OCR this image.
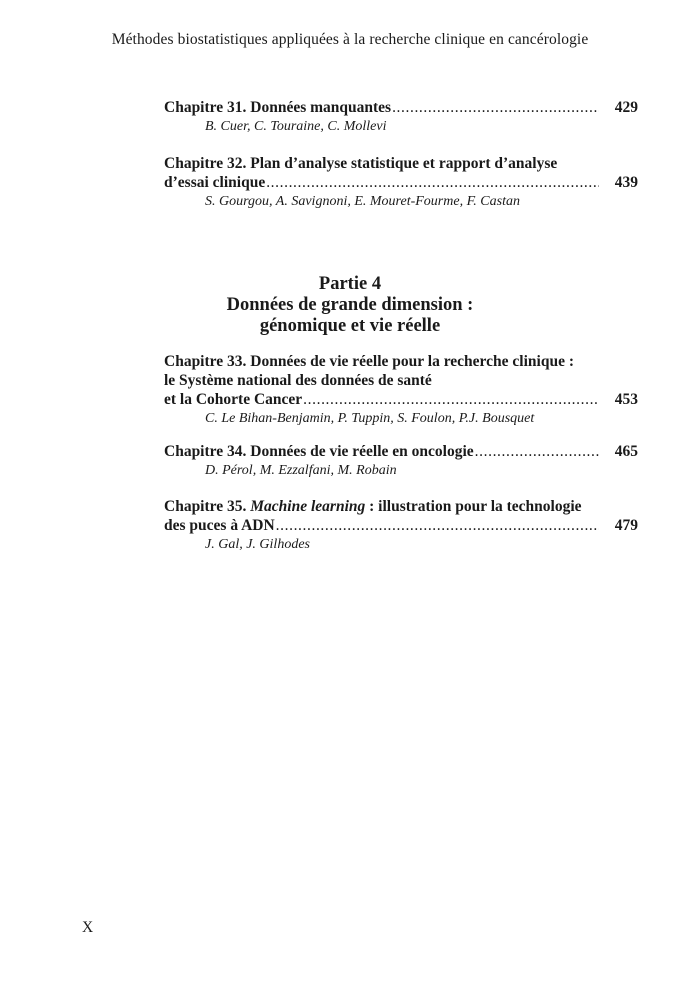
Méthodes biostatistiques appliquées à la recherche clinique en cancérologie
Chapitre 31. Données manquantes .....	429
B. Cuer, C. Touraine, C. Mollevi
Chapitre 32. Plan d’analyse statistique et rapport d’analyse
d’essai clinique .....	439
S. Gourgou, A. Savignoni, E. Mouret-Fourme, F. Castan
Chapitre 33. Données de vie réelle pour la recherche clinique :
le Système national des données de santé
et la Cohorte Cancer .....	453
C. Le Bihan-Benjamin, P. Tuppin, S. Foulon, P.J. Bousquet
Chapitre 34. Données de vie réelle en oncologie .....	465
D. Pérol, M. Ezzalfani, M. Robain
Chapitre 35. Machine learning : illustration pour la technologie
des puces à ADN .....	479
J. Gal, J. Gilhodes
Partie 4
Données de grande dimension :
génomique et vie réelle
X
